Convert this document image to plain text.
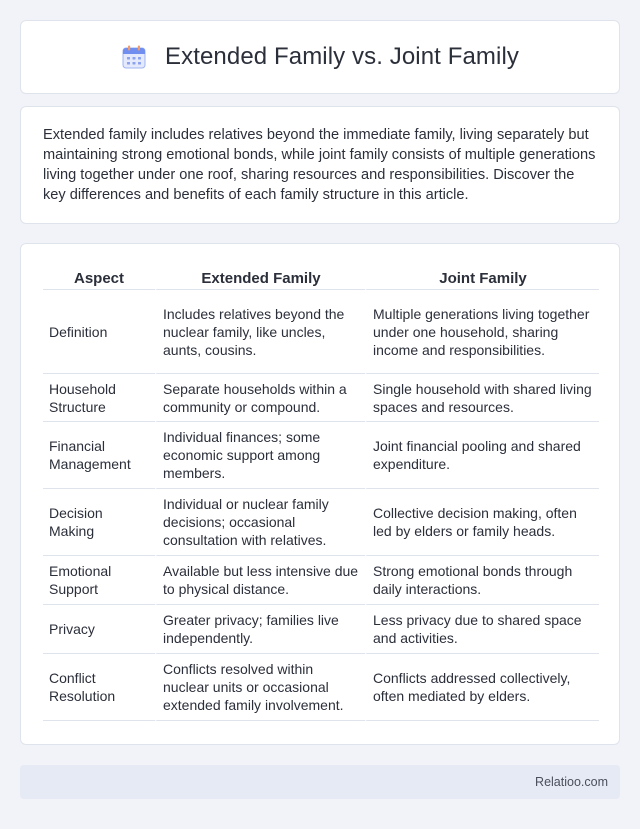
Extended Family vs. Joint Family

Extended family includes relatives beyond the immediate family, living separately but maintaining strong emotional bonds, while joint family consists of multiple generations living together under one roof, sharing resources and responsibilities. Discover the key differences and benefits of each family structure in this article.

Aspect	Extended Family	Joint Family
Definition	Includes relatives beyond the nuclear family, like uncles, aunts, cousins.	Multiple generations living together under one household, sharing income and responsibilities.
Household Structure	Separate households within a community or compound.	Single household with shared living spaces and resources.
Financial Management	Individual finances; some economic support among members.	Joint financial pooling and shared expenditure.
Decision Making	Individual or nuclear family decisions; occasional consultation with relatives.	Collective decision making, often led by elders or family heads.
Emotional Support	Available but less intensive due to physical distance.	Strong emotional bonds through daily interactions.
Privacy	Greater privacy; families live independently.	Less privacy due to shared space and activities.
Conflict Resolution	Conflicts resolved within nuclear units or occasional extended family involvement.	Conflicts addressed collectively, often mediated by elders.
Relatioo.com
